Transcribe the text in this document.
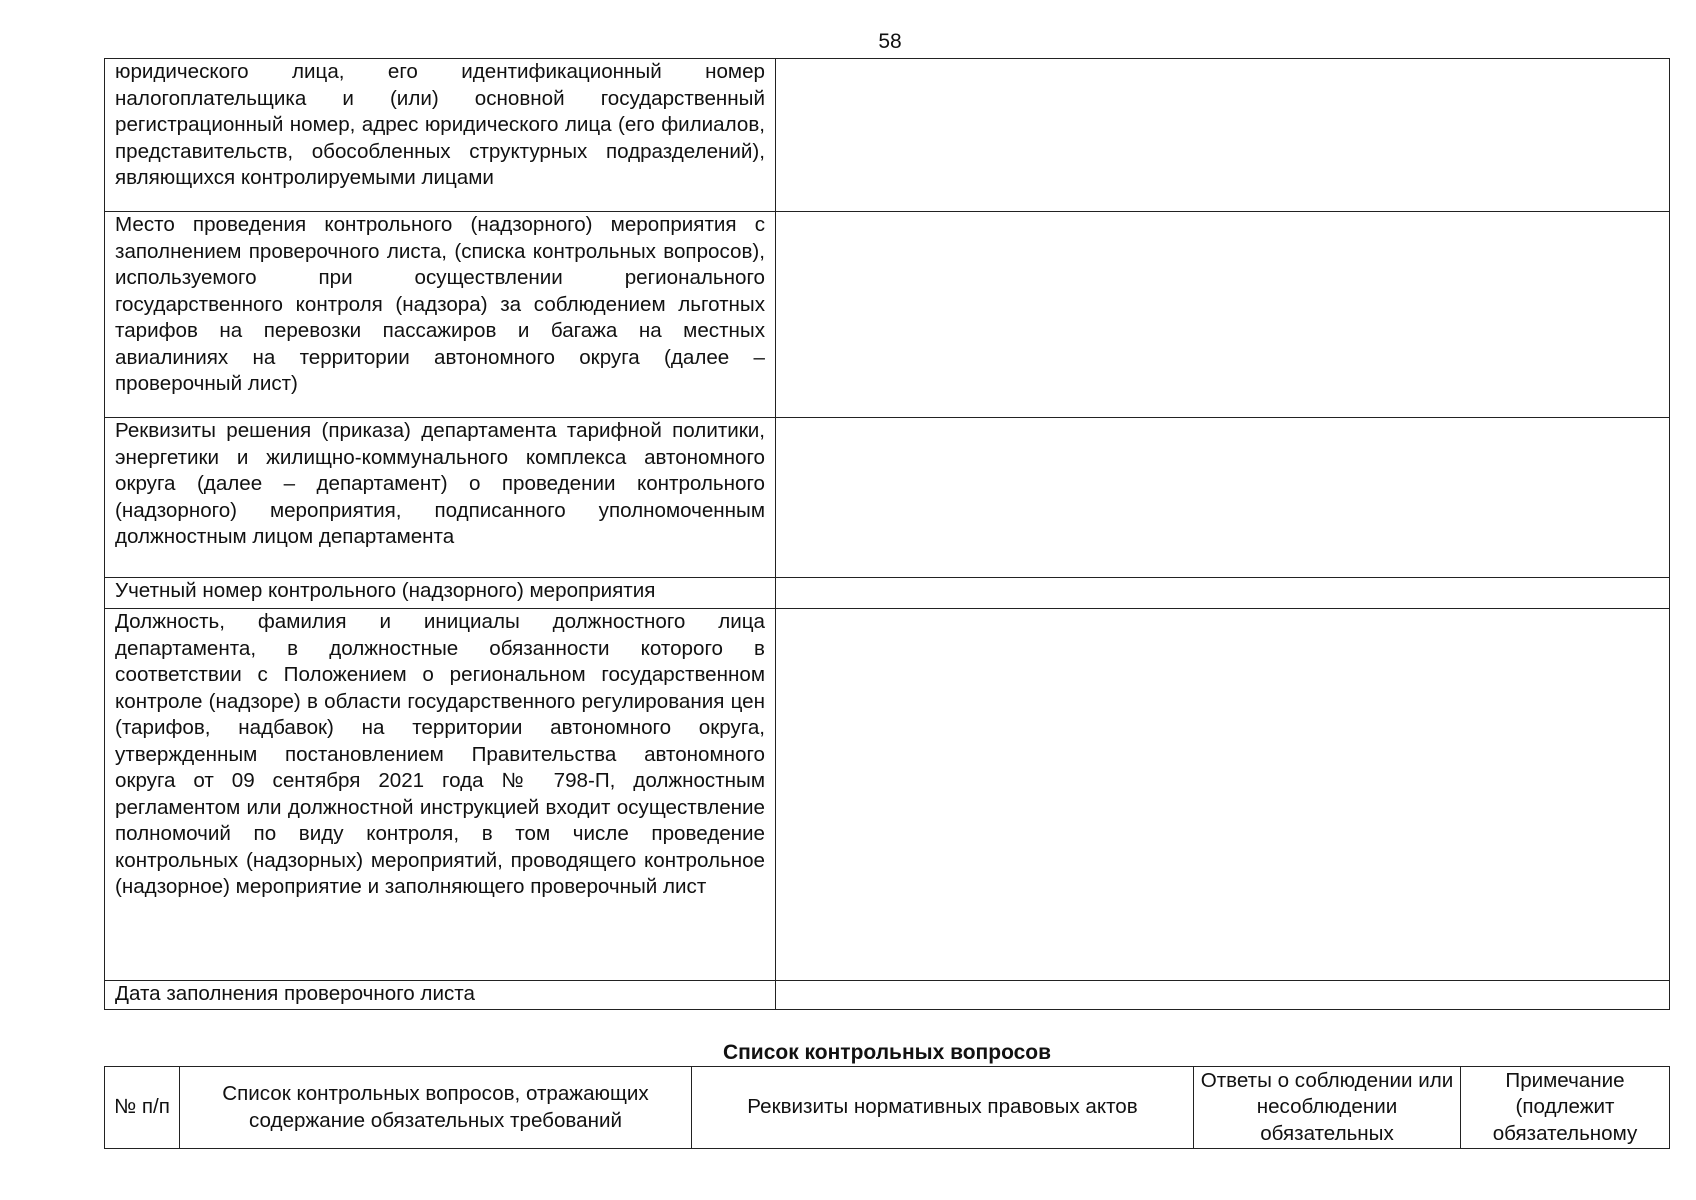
58
юридического лица, его идентификационный номер налогоплательщика и (или) основной государственный регистрационный номер, адрес юридического лица (его филиалов, представительств, обособленных структурных подразделений), являющихся контролируемыми лицами	
Место проведения контрольного (надзорного) мероприятия с заполнением проверочного листа, (списка контрольных вопросов), используемого при осуществлении регионального государственного контроля (надзора) за соблюдением льготных тарифов на перевозки пассажиров и багажа на местных авиалиниях на территории автономного округа (далее – проверочный лист)	
Реквизиты решения (приказа) департамента тарифной политики, энергетики и жилищно-коммунального комплекса автономного округа (далее – департамент) о проведении контрольного (надзорного) мероприятия, подписанного уполномоченным должностным лицом департамента	
Учетный номер контрольного (надзорного) мероприятия	
Должность, фамилия и инициалы должностного лица департамента, в должностные обязанности которого в соответствии с Положением о региональном государственном контроле (надзоре) в области государственного регулирования цен (тарифов, надбавок) на территории автономного округа, утвержденным постановлением Правительства автономного округа от 09 сентября 2021 года № 798-П, должностным регламентом или должностной инструкцией входит осуществление полномочий по виду контроля, в том числе проведение контрольных (надзорных) мероприятий, проводящего контрольное (надзорное) мероприятие и заполняющего проверочный лист	
Дата заполнения проверочного листа	
Список контрольных вопросов
№ п/п	Список контрольных вопросов, отражающих содержание обязательных требований	Реквизиты нормативных правовых актов	Ответы о соблюдении или несоблюдении обязательных	Примечание (подлежит обязательному
